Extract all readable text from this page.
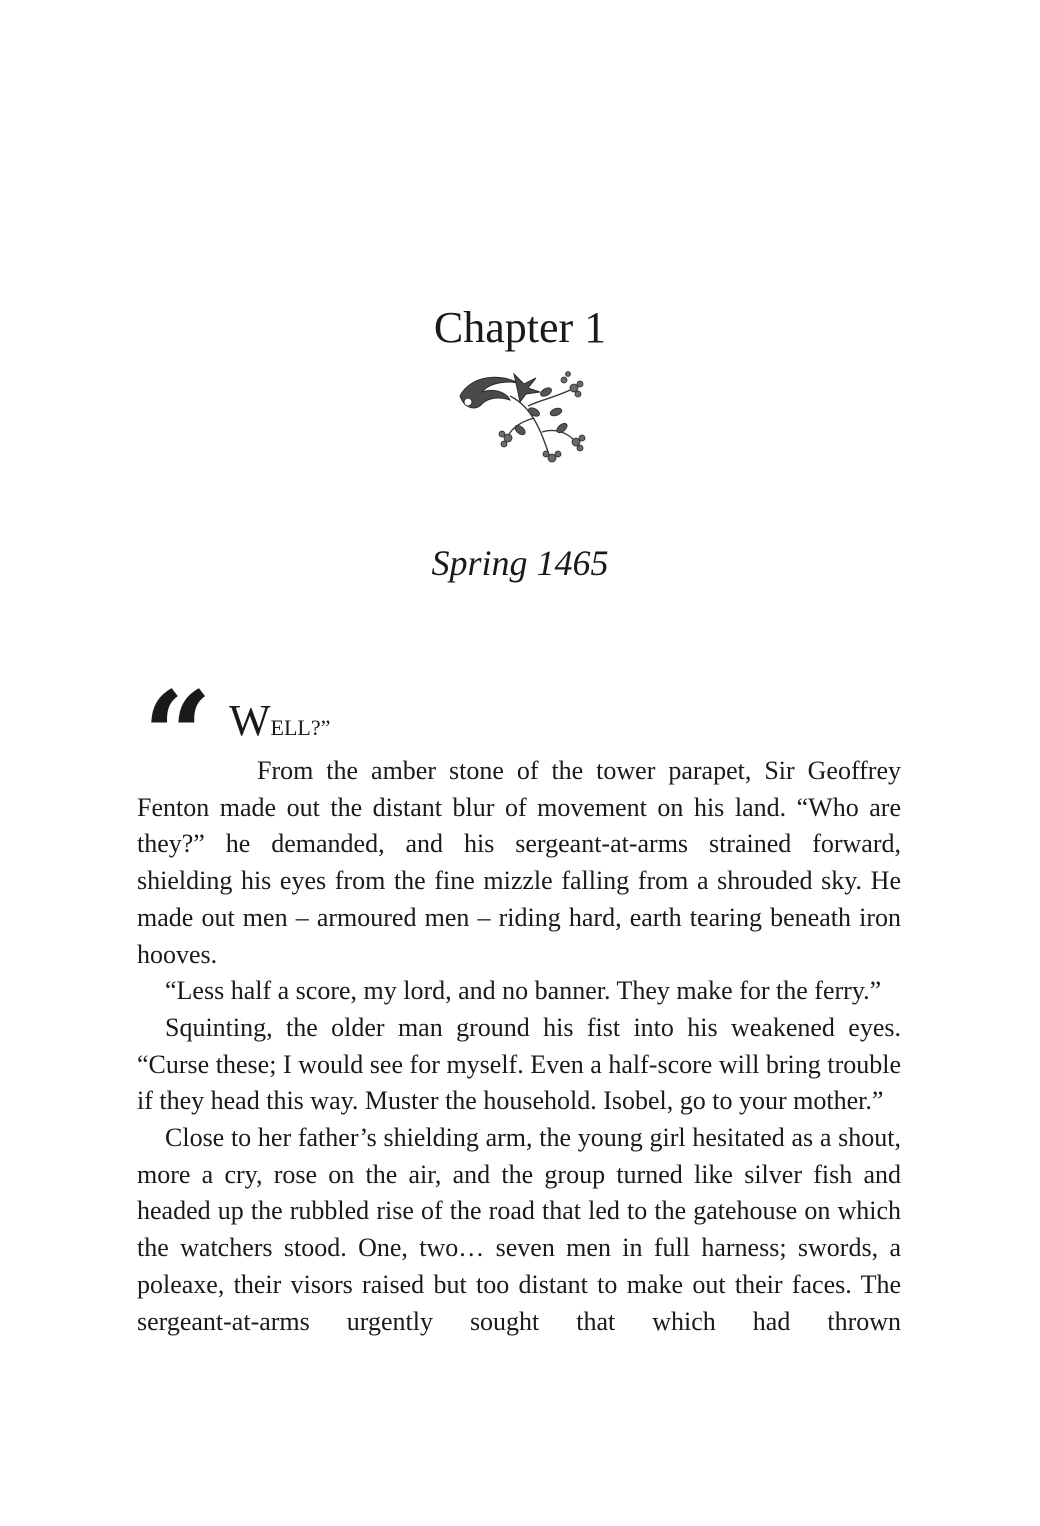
Chapter 1
Spring 1465
“ WELL?”

From the amber stone of the tower parapet, Sir Geoffrey Fenton made out the distant blur of movement on his land. “Who are they?” he demanded, and his sergeant-at-arms strained forward, shielding his eyes from the fine mizzle falling from a shrouded sky. He made out men – armoured men – riding hard, earth tearing beneath iron hooves.

“Less half a score, my lord, and no banner. They make for the ferry.”

Squinting, the older man ground his fist into his weakened eyes. “Curse these; I would see for myself. Even a half-score will bring trouble if they head this way. Muster the household. Isobel, go to your mother.”

Close to her father’s shielding arm, the young girl hesitated as a shout, more a cry, rose on the air, and the group turned like silver fish and headed up the rubbled rise of the road that led to the gatehouse on which the watchers stood. One, two… seven men in full harness; swords, a poleaxe, their visors raised but too distant to make out their faces. The sergeant-at-arms urgently sought that which had thrown
